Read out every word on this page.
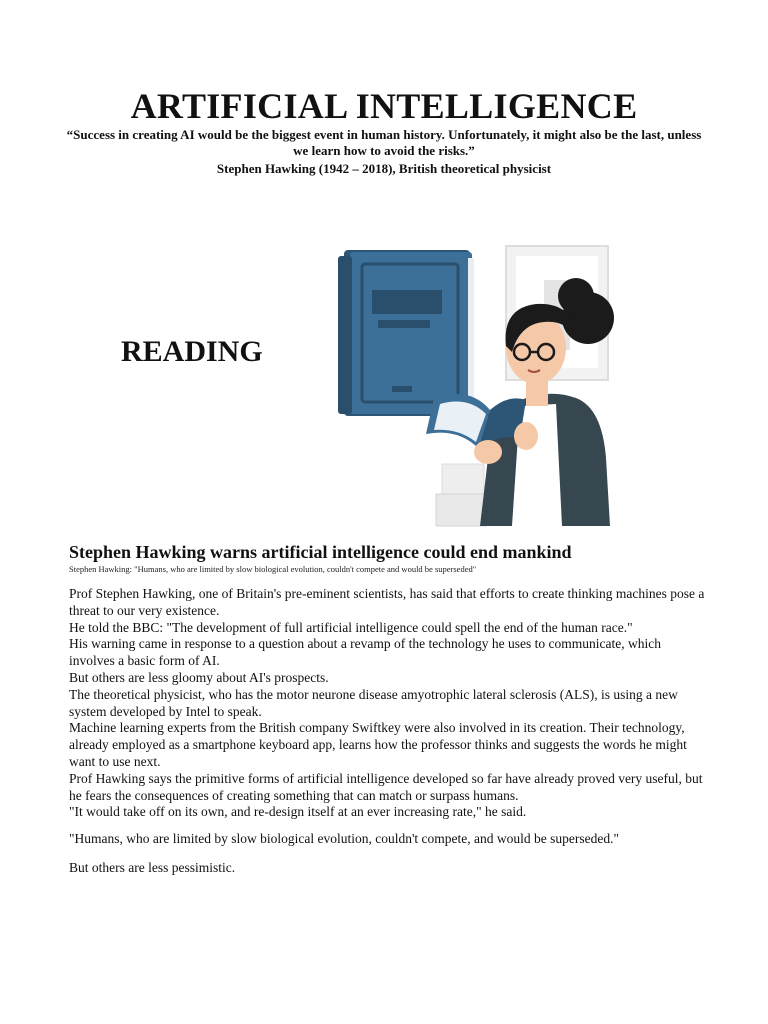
ARTIFICIAL INTELLIGENCE

“Success in creating AI would be the biggest event in human history. Unfortunately, it might also be the last, unless we learn how to avoid the risks.”

Stephen Hawking (1942 – 2018), British theoretical physicist

READING
Stephen Hawking warns artificial intelligence could end mankind

Stephen Hawking: "Humans, who are limited by slow biological evolution, couldn't compete and would be superseded"

Prof Stephen Hawking, one of Britain's pre-eminent scientists, has said that efforts to create thinking machines pose a threat to our very existence.

He told the BBC: "The development of full artificial intelligence could spell the end of the human race."

His warning came in response to a question about a revamp of the technology he uses to communicate, which involves a basic form of AI.

But others are less gloomy about AI's prospects.

The theoretical physicist, who has the motor neurone disease amyotrophic lateral sclerosis (ALS), is using a new system developed by Intel to speak.

Machine learning experts from the British company Swiftkey were also involved in its creation. Their technology, already employed as a smartphone keyboard app, learns how the professor thinks and suggests the words he might want to use next.

Prof Hawking says the primitive forms of artificial intelligence developed so far have already proved very useful, but he fears the consequences of creating something that can match or surpass humans.

"It would take off on its own, and re-design itself at an ever increasing rate," he said.

"Humans, who are limited by slow biological evolution, couldn't compete, and would be superseded."

But others are less pessimistic.
